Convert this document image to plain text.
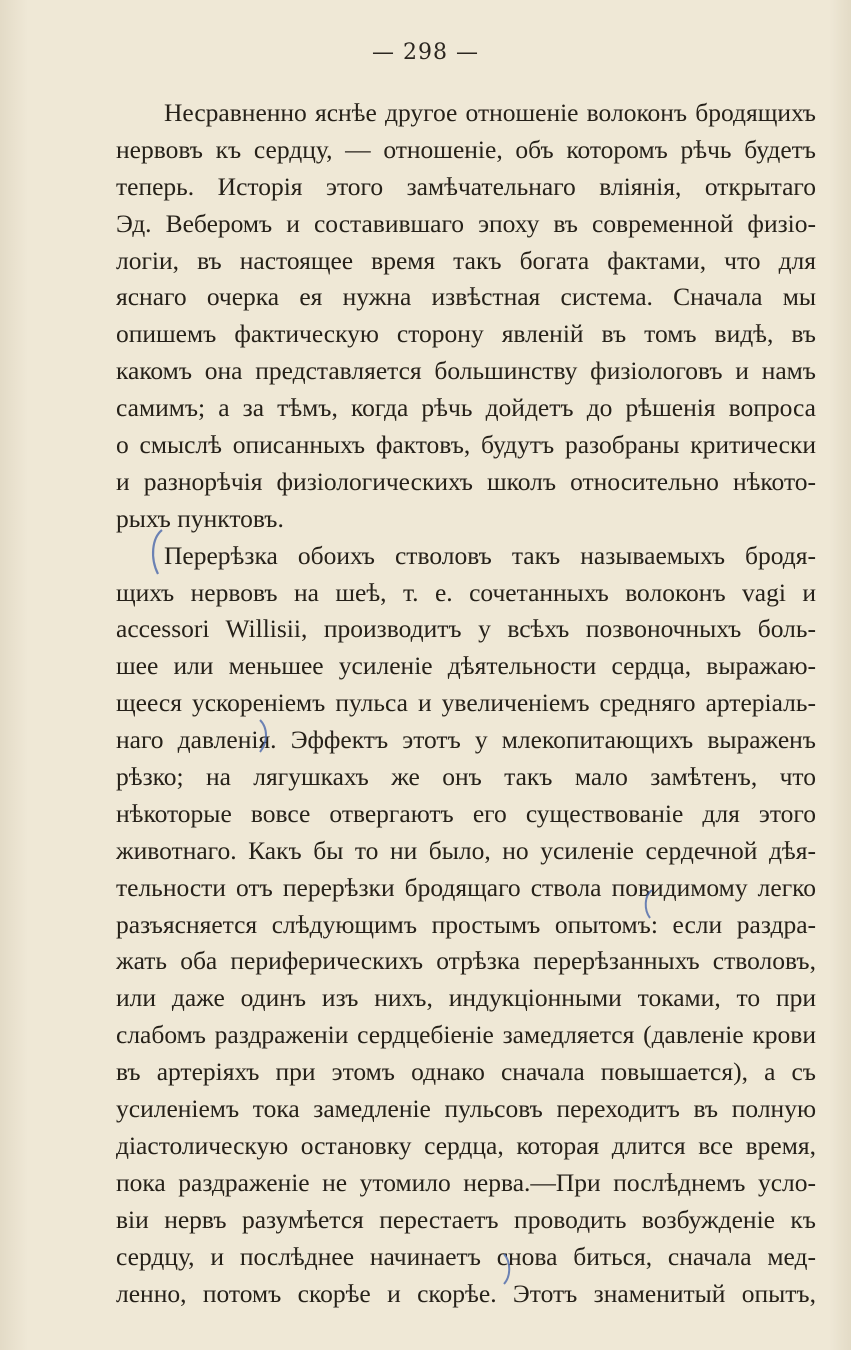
— 298 —
Несравненно яснѣе другое отношеніе волоконъ бродящихъ
нервовъ къ сердцу, — отношеніе, объ которомъ рѣчь будетъ
теперь. Исторія этого замѣчательнаго вліянія, открытаго
Эд. Веберомъ и составившаго эпоху въ современной физіо-
логіи, въ настоящее время такъ богата фактами, что для
яснаго очерка ея нужна извѣстная система. Сначала мы
опишемъ фактическую сторону явленій въ томъ видѣ, въ
какомъ она представляется большинству физіологовъ и намъ
самимъ; а за тѣмъ, когда рѣчь дойдетъ до рѣшенія вопроса
о смыслѣ описанныхъ фактовъ, будутъ разобраны критически
и разнорѣчія физіологическихъ школъ относительно нѣкото-
рыхъ пунктовъ.
Перерѣзка обоихъ стволовъ такъ называемыхъ бродя-
щихъ нервовъ на шеѣ, т. е. сочетанныхъ волоконъ vagi и
accessori Willisii, производитъ у всѣхъ позвоночныхъ боль-
шее или меньшее усиленіе дѣятельности сердца, выражаю-
щееся ускореніемъ пульса и увеличеніемъ средняго артеріаль-
наго давленія. Эффектъ этотъ у млекопитающихъ выраженъ
рѣзко; на лягушкахъ же онъ такъ мало замѣтенъ, что
нѣкоторые вовсе отвергаютъ его существованіе для этого
животнаго. Какъ бы то ни было, но усиленіе сердечной дѣя-
тельности отъ перерѣзки бродящаго ствола повидимому легко
разъясняется слѣдующимъ простымъ опытомъ: если раздра-
жать оба периферическихъ отрѣзка перерѣзанныхъ стволовъ,
или даже одинъ изъ нихъ, индукціонными токами, то при
слабомъ раздраженіи сердцебіеніе замедляется (давленіе крови
въ артеріяхъ при этомъ однако сначала повышается), а съ
усиленіемъ тока замедленіе пульсовъ переходитъ въ полную
діастолическую остановку сердца, которая длится все время,
пока раздраженіе не утомило нерва.—При послѣднемъ усло-
віи нервъ разумѣется перестаетъ проводить возбужденіе къ
сердцу, и послѣднее начинаетъ снова биться, сначала мед-
ленно, потомъ скорѣе и скорѣе. Этотъ знаменитый опытъ,
